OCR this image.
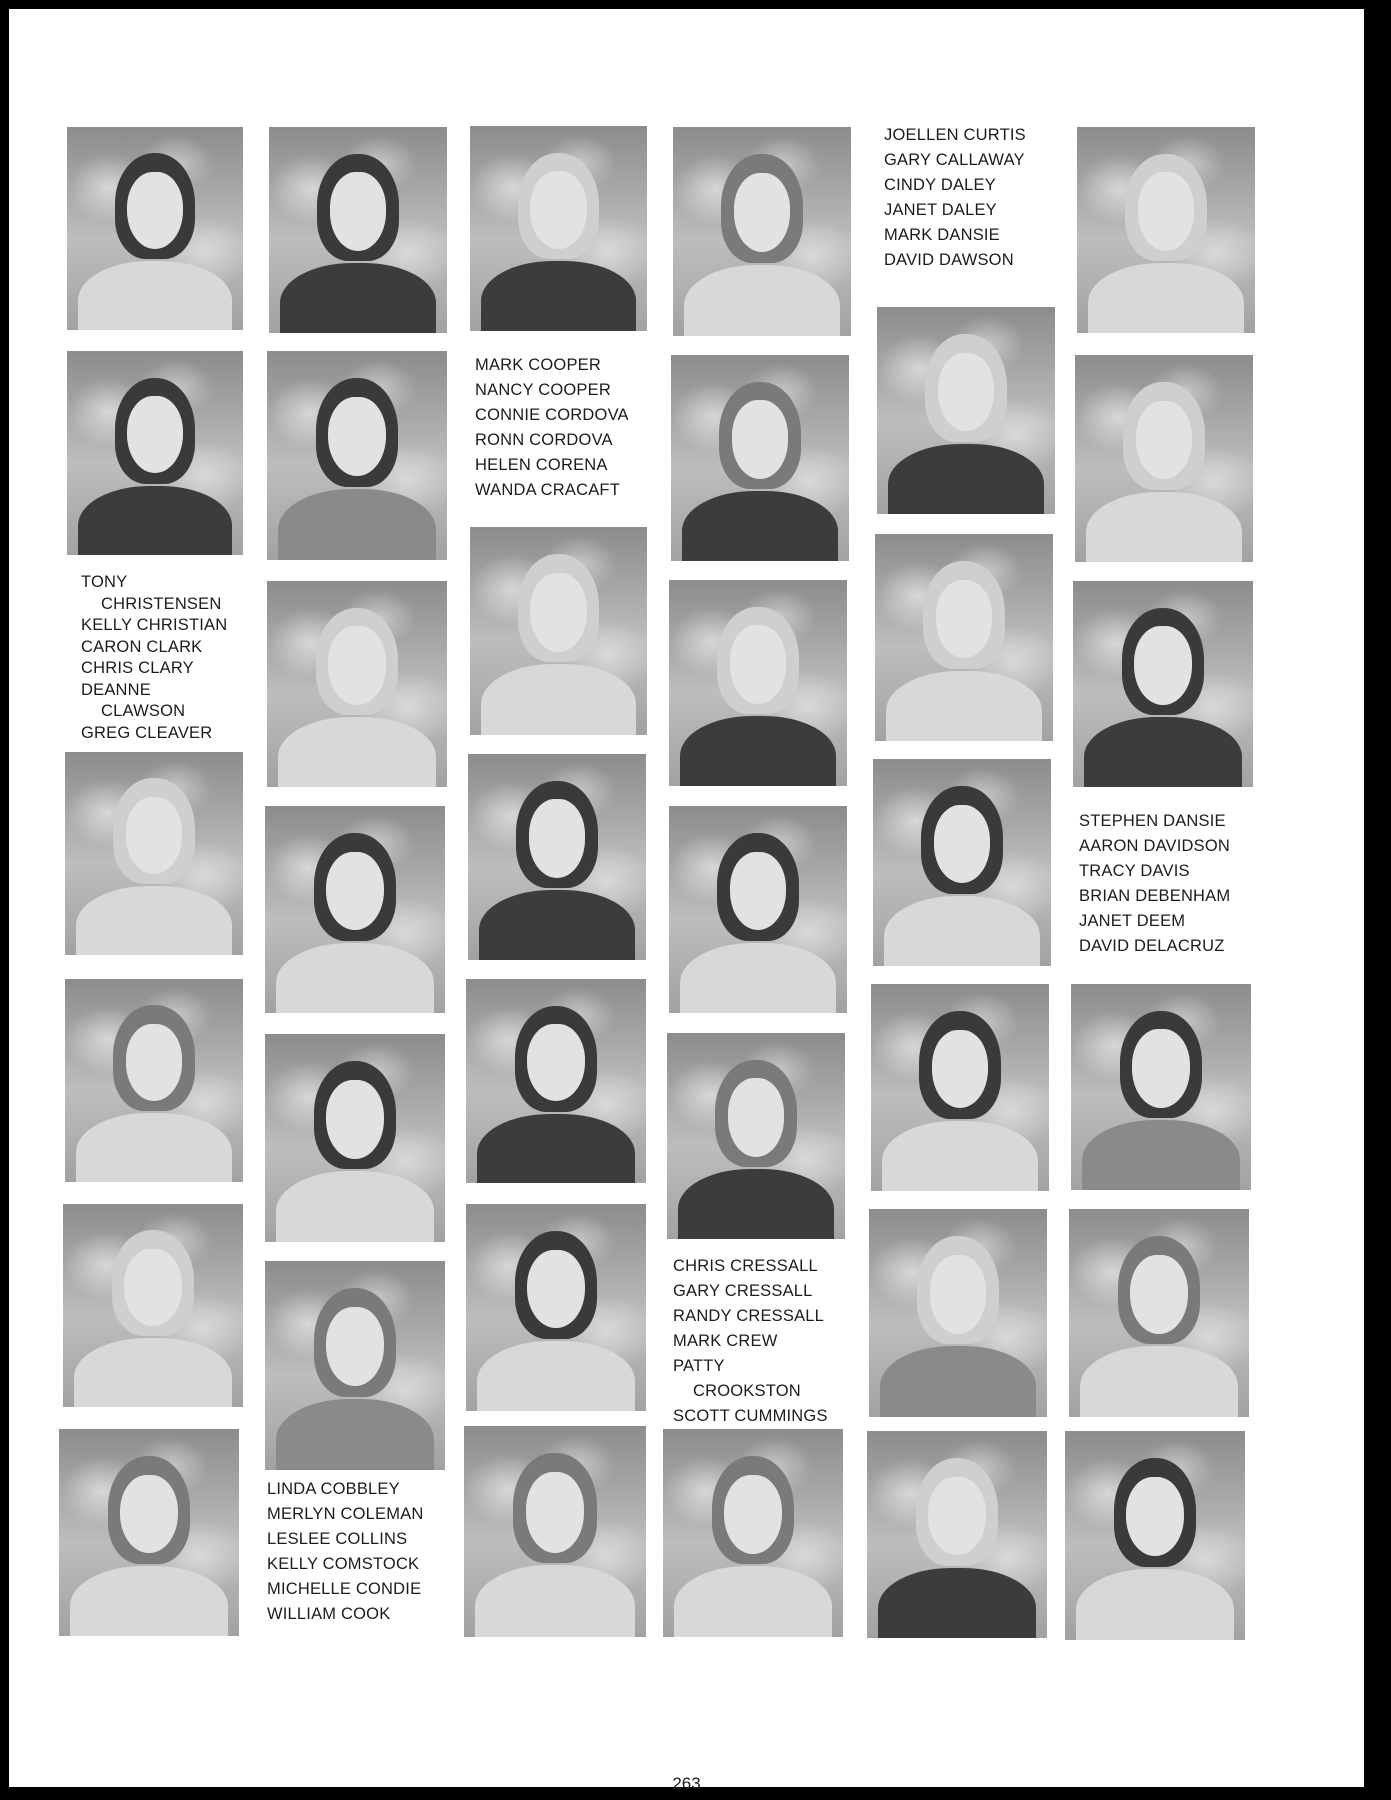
JOELLEN CURTIS
GARY CALLAWAY
CINDY DALEY
JANET DALEY
MARK DANSIE
DAVID DAWSON
MARK COOPER
NANCY COOPER
CONNIE CORDOVA
RONN CORDOVA
HELEN CORENA
WANDA CRACAFT
TONY
CHRISTENSEN
KELLY CHRISTIAN
CARON CLARK
CHRIS CLARY
DEANNE
CLAWSON
GREG CLEAVER
STEPHEN DANSIE
AARON DAVIDSON
TRACY DAVIS
BRIAN DEBENHAM
JANET DEEM
DAVID DELACRUZ
CHRIS CRESSALL
GARY CRESSALL
RANDY CRESSALL
MARK CREW
PATTY
CROOKSTON
SCOTT CUMMINGS
LINDA COBBLEY
MERLYN COLEMAN
LESLEE COLLINS
KELLY COMSTOCK
MICHELLE CONDIE
WILLIAM COOK
263
